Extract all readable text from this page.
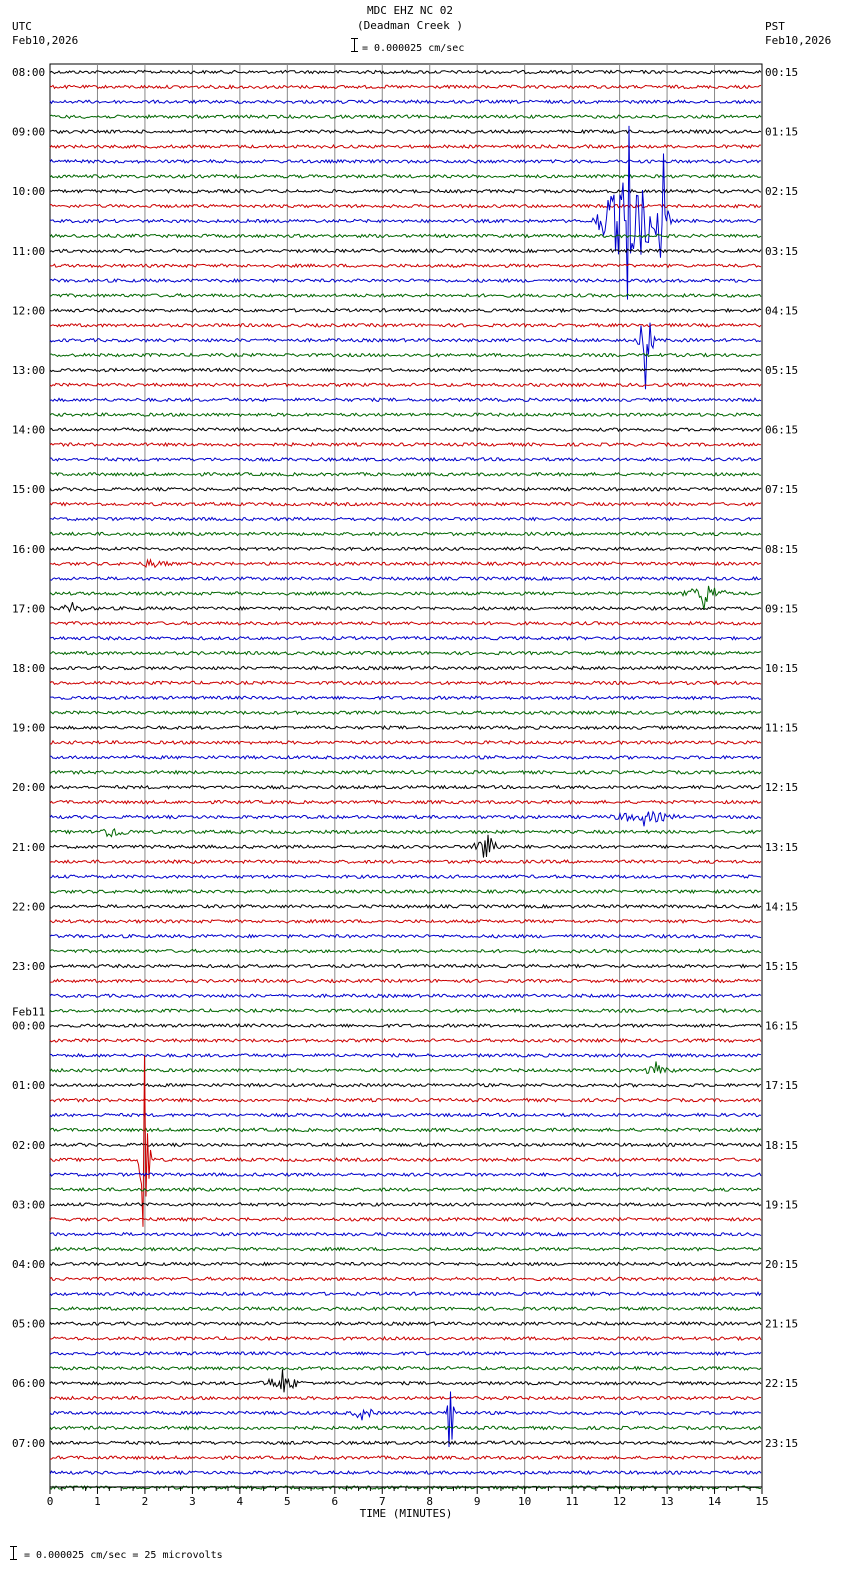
MDC EHZ NC 02
(Deadman Creek )
= 0.000025 cm/sec
UTC
Feb10,2026
PST
Feb10,2026
08:00	00:15
09:00	01:15
10:00	02:15
11:00	03:15
12:00	04:15
13:00	05:15
14:00	06:15
15:00	07:15
16:00	08:15
17:00	09:15
18:00	10:15
19:00	11:15
20:00	12:15
21:00	13:15
22:00	14:15
23:00	15:15
00:00	16:15
Feb11
01:00	17:15
02:00	18:15
03:00	19:15
04:00	20:15
05:00	21:15
06:00	22:15
07:00	23:15
0	1	2	3	4	5	6	7	8	9	10	11	12	13	14	15
TIME (MINUTES)
= 0.000025 cm/sec = 25 microvolts
